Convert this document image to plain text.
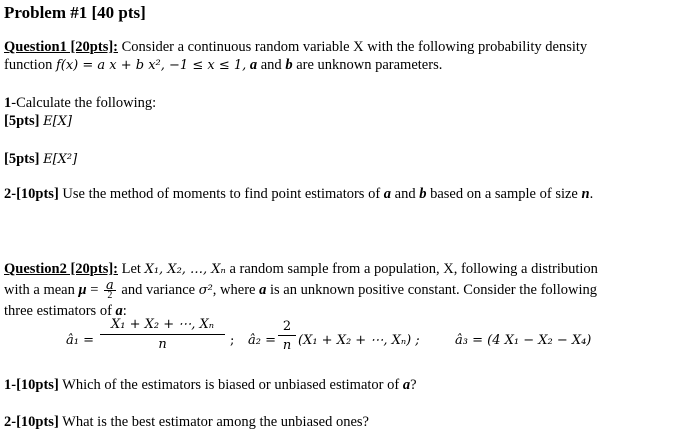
Problem #1 [40 pts]
Question1 [20pts]: Consider a continuous random variable X with the following probability density
function f(x) = a x + b x², −1 ≤ x ≤ 1, a and b are unknown parameters.
1-Calculate the following:
[5pts] E[X]
[5pts] E[X²]
2-[10pts] Use the method of moments to find point estimators of a and b based on a sample of size n.
Question2 [20pts]: Let X₁, X₂, …, Xₙ a random sample from a population, X, following a distribution
with a mean $\mu = \frac{a}{2}$ and variance σ², where a is an unknown positive constant. Consider the following
three estimators of a:
â₁ = $\frac{\text{X₁ + X₂ + ⋯, Xₙ}}{n}$ ; â₂ = $\frac{2}{n} (X_1 + X_2$ + ⋯, Xₙ) ;	â₃ = (4 X₁ − X₂ − X₄)
1-[10pts] Which of the estimators is biased or unbiased estimator of a?
2-[10pts] What is the best estimator among the unbiased ones?
